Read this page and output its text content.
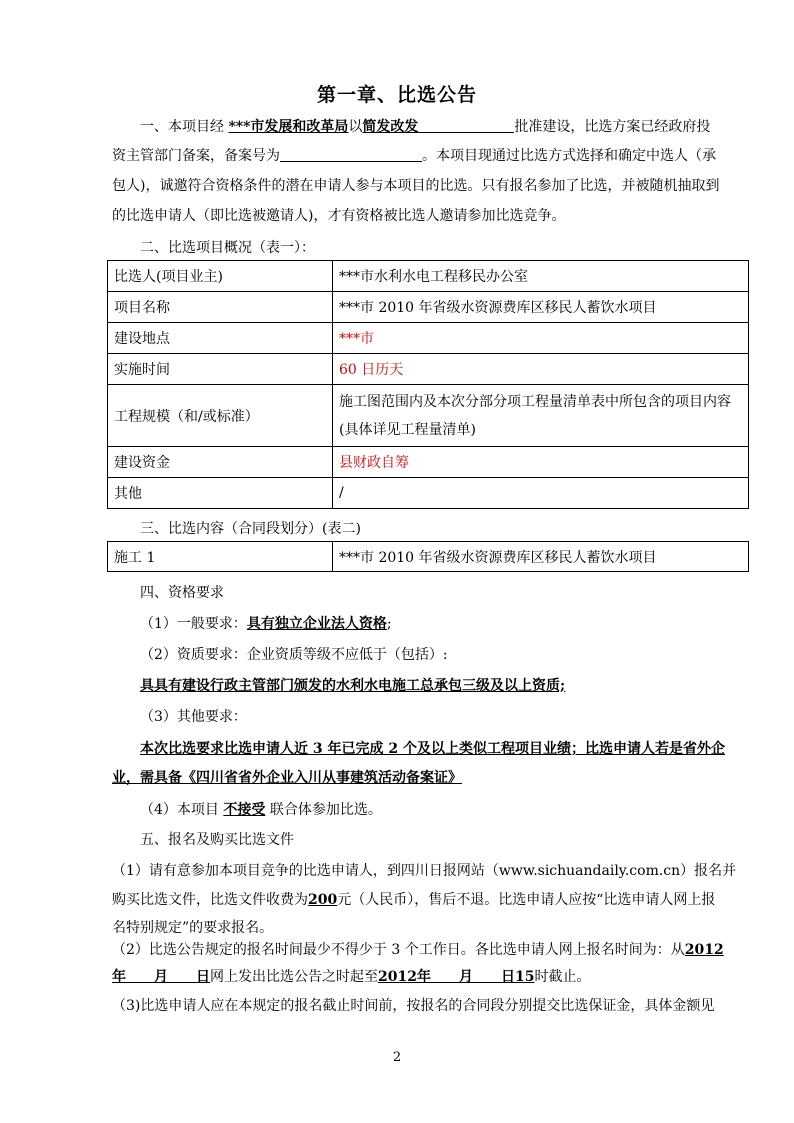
第一章、比选公告
一、本项目经 ***市发展和改革局以简发改发	批准建设，比选方案已经政府投
资主管部门备案，备案号为	。本项目现通过比选方式选择和确定中选人（承
包人)，诚邀符合资格条件的潜在申请人参与本项目的比选。只有报名参加了比选，并被随机抽取到
的比选申请人（即比选被邀请人)，才有资格被比选人邀请参加比选竞争。
二、比选项目概况（表一）：
比选人(项目业主)	***市水利水电工程移民办公室
项目名称	***市 2010 年省级水资源费库区移民人蓄饮水项目
建设地点	***市
实施时间	60 日历天
工程规模（和/或标准）	施工图范围内及本次分部分项工程量清单表中所包含的项目内容
(具体详见工程量清单)

建设资金	县财政自筹
其他	/
三、比选内容（合同段划分）(表二)
施工 1	***市 2010 年省级水资源费库区移民人蓄饮水项目
四、资格要求
（1）一般要求：具有独立企业法人资格;
（2）资质要求：企业资质等级不应低于（包括）:
具具有建设行政主管部门颁发的水利水电施工总承包三级及以上资质;
（3）其他要求：
本次比选要求比选申请人近 3 年已完成 2 个及以上类似工程项目业绩；比选申请人若是省外企
业，需具备《四川省省外企业入川从事建筑活动备案证》
（4）本项目 不接受 联合体参加比选。
五、报名及购买比选文件
（1）请有意参加本项目竞争的比选申请人，到四川日报网站（www.sichuandaily.com.cn）报名并
购买比选文件，比选文件收费为200元（人民币），售后不退。比选申请人应按“比选申请人网上报
名特别规定”的要求报名。
（2）比选公告规定的报名时间最少不得少于 3 个工作日。各比选申请人网上报名时间为：从2012
年　　 月　　 日网上发出比选公告之时起至2012年　　 月　　 日15时截止。
（3)比选申请人应在本规定的报名截止时间前，按报名的合同段分别提交比选保证金，具体金额见
2
